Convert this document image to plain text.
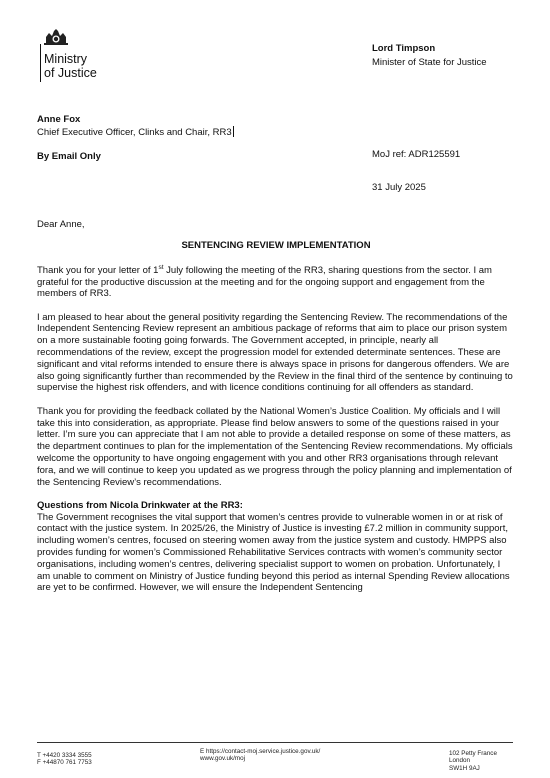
Ministry
of Justice
Lord Timpson
Minister of State for Justice
Anne Fox
Chief Executive Officer, Clinks and Chair, RR3
By Email Only	MoJ ref: ADR125591
31 July 2025

Dear Anne,

SENTENCING REVIEW IMPLEMENTATION

Thank you for your letter of 1st July following the meeting of the RR3, sharing questions from the sector. I am grateful for the productive discussion at the meeting and for the ongoing support and engagement from the members of RR3.

I am pleased to hear about the general positivity regarding the Sentencing Review. The recommendations of the Independent Sentencing Review represent an ambitious package of reforms that aim to place our prison system on a more sustainable footing going forwards. The Government accepted, in principle, nearly all recommendations of the review, except the progression model for extended determinate sentences. These are significant and vital reforms intended to ensure there is always space in prisons for dangerous offenders. We are also going significantly further than recommended by the Review in the final third of the sentence by continuing to supervise the highest risk offenders, and with licence conditions continuing for all offenders as standard.

Thank you for providing the feedback collated by the National Women’s Justice Coalition. My officials and I will take this into consideration, as appropriate. Please find below answers to some of the questions raised in your letter. I’m sure you can appreciate that I am not able to provide a detailed response on some of these matters, as the department continues to plan for the implementation of the Sentencing Review recommendations. My officials welcome the opportunity to have ongoing engagement with you and other RR3 organisations through relevant fora, and we will continue to keep you updated as we progress through the policy planning and implementation of the Sentencing Review’s recommendations.

Questions from Nicola Drinkwater at the RR3:

The Government recognises the vital support that women’s centres provide to vulnerable women in or at risk of contact with the justice system. In 2025/26, the Ministry of Justice is investing £7.2 million in community support, including women’s centres, focused on steering women away from the justice system and custody. HMPPS also provides funding for women’s Commissioned Rehabilitative Services contracts with women’s community sector organisations, including women’s centres, delivering specialist support to women on probation. Unfortunately, I am unable to comment on Ministry of Justice funding beyond this period as internal Spending Review allocations are yet to be confirmed. However, we will ensure the Independent Sentencing

T +4420 3334 3555
F +44870 761 7753
E https://contact-moj.service.justice.gov.uk/
www.gov.uk/moj
102 Petty France
London
SW1H 9AJ
